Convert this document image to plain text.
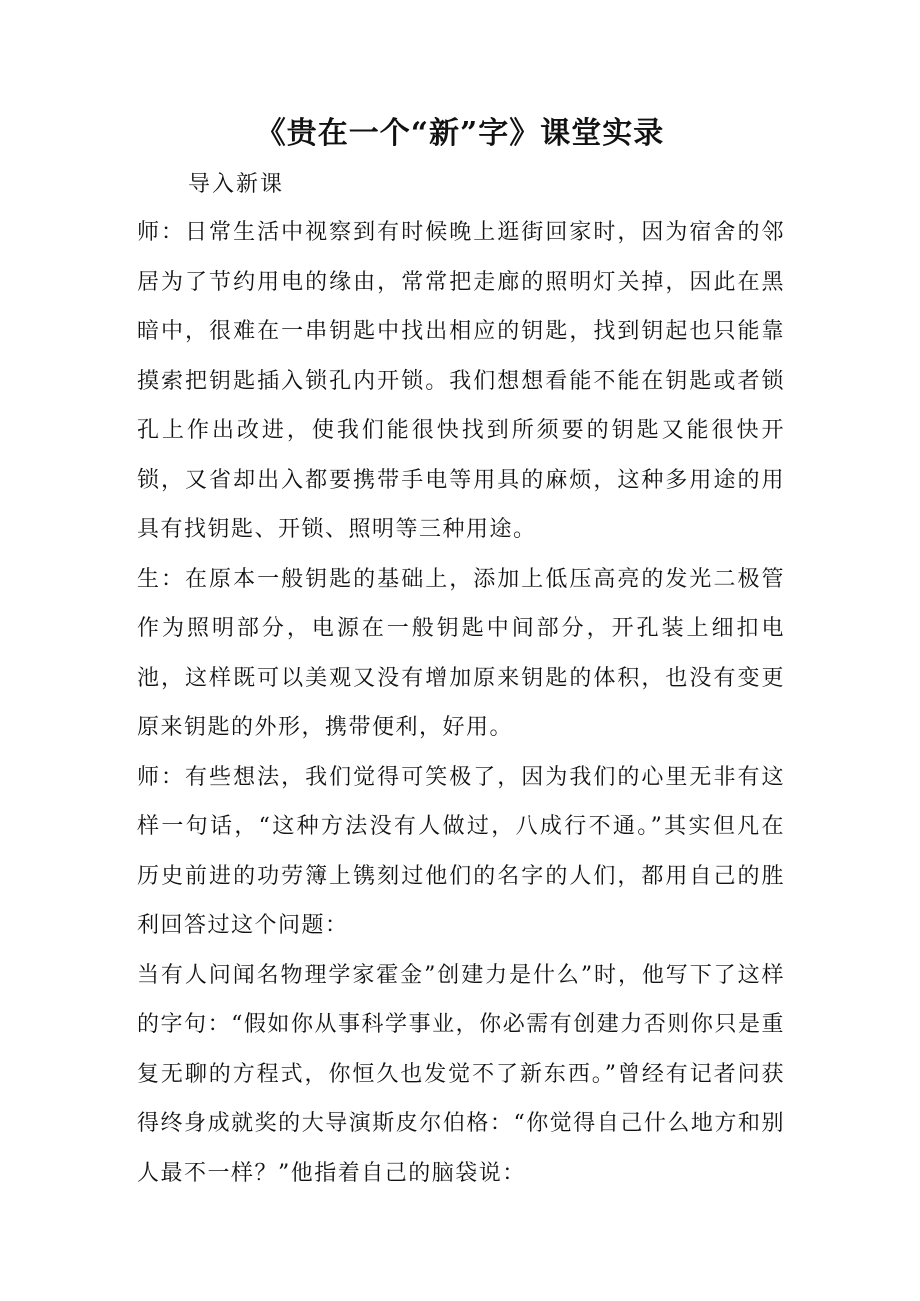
《贵在一个“新”字》课堂实录
导入新课

师：日常生活中视察到有时候晚上逛街回家时，因为宿舍的邻居为了节约用电的缘由，常常把走廊的照明灯关掉，因此在黑暗中，很难在一串钥匙中找出相应的钥匙，找到钥起也只能靠摸索把钥匙插入锁孔内开锁。我们想想看能不能在钥匙或者锁孔上作出改进，使我们能很快找到所须要的钥匙又能很快开锁，又省却出入都要携带手电等用具的麻烦，这种多用途的用具有找钥匙、开锁、照明等三种用途。

生：在原本一般钥匙的基础上，添加上低压高亮的发光二极管作为照明部分，电源在一般钥匙中间部分，开孔装上细扣电池，这样既可以美观又没有增加原来钥匙的体积，也没有变更原来钥匙的外形，携带便利，好用。

师：有些想法，我们觉得可笑极了，因为我们的心里无非有这样一句话，“这种方法没有人做过，八成行不通。”其实但凡在历史前进的功劳簿上镌刻过他们的名字的人们，都用自己的胜利回答过这个问题：

当有人问闻名物理学家霍金”创建力是什么”时，他写下了这样的字句：“假如你从事科学事业，你必需有创建力否则你只是重复无聊的方程式，你恒久也发觉不了新东西。”曾经有记者问获得终身成就奖的大导演斯皮尔伯格：“你觉得自己什么地方和别人最不一样？”他指着自己的脑袋说：
